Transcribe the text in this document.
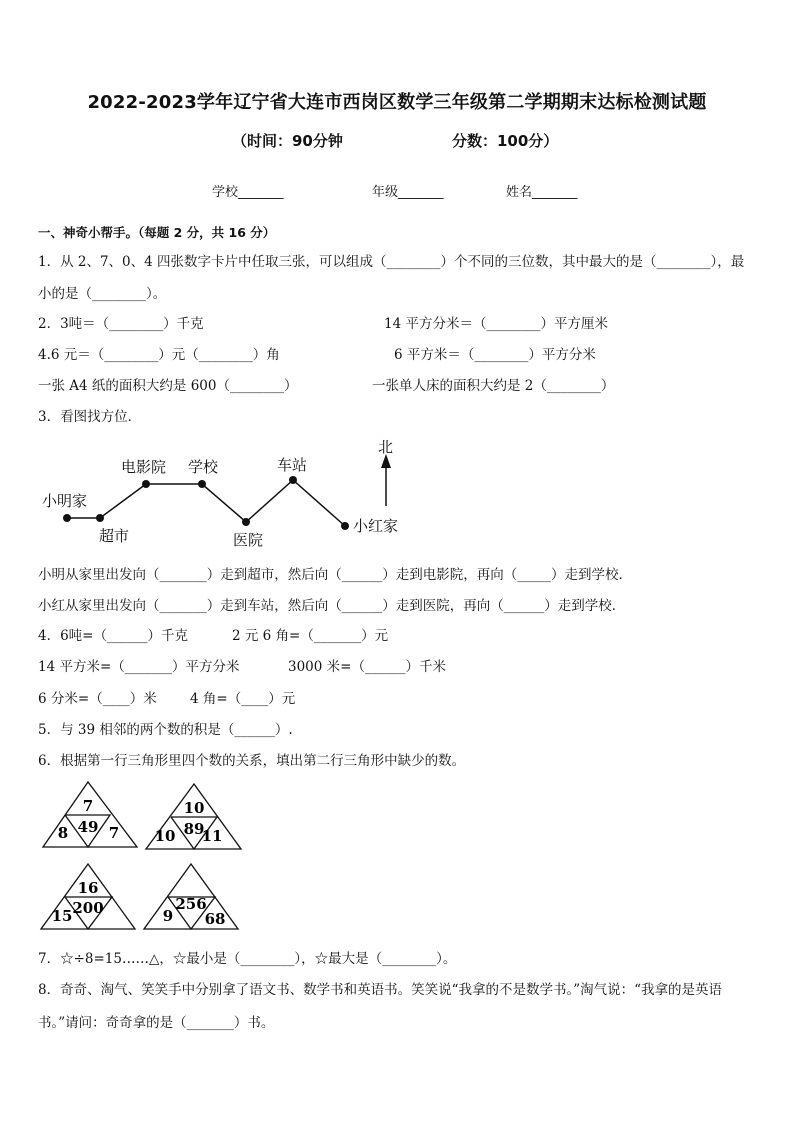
2022-2023学年辽宁省大连市西岗区数学三年级第二学期期末达标检测试题
（时间：90分钟	分数：100分）
学校_______	年级_______	姓名_______
一、神奇小帮手。（每题 2 分，共 16 分）
1．从 2、7、0、4 四张数字卡片中任取三张，可以组成（________）个不同的三位数，其中最大的是（________），最
小的是（________）。
2．3吨＝（________）千克	14 平方分米＝（________）平方厘米
4.6 元＝（________）元（________）角	6 平方米＝（________）平方分米
一张 A4 纸的面积大约是 600（________）	一张单人床的面积大约是 2（________）
3．看图找方位．
北
小明家
超市
电影院 学校
医院
车站
小红家
小明从家里出发向（_______）走到超市，然后向（______）走到电影院，再向（_____）走到学校．
小红从家里出发向（_______）走到车站，然后向（______）走到医院，再向（______）走到学校．
4．6吨=（______）千克	2 元 6 角=（_______）元
14 平方米=（_______）平方分米	3000 米=（______）千米
6 分米=（____）米 4 角=（____）元
5．与 39 相邻的两个数的积是（______）.
6．根据第一行三角形里四个数的关系，填出第二行三角形中缺少的数。
7
49
8	7
10
89
10 11
16
200
15
256
9 68
7．☆÷8=15……△，☆最小是（________），☆最大是（________）。
8．奇奇、淘气、笑笑手中分别拿了语文书、数学书和英语书。笑笑说“我拿的不是数学书。”淘气说：“我拿的是英语
书。”请问：奇奇拿的是（_______）书。
